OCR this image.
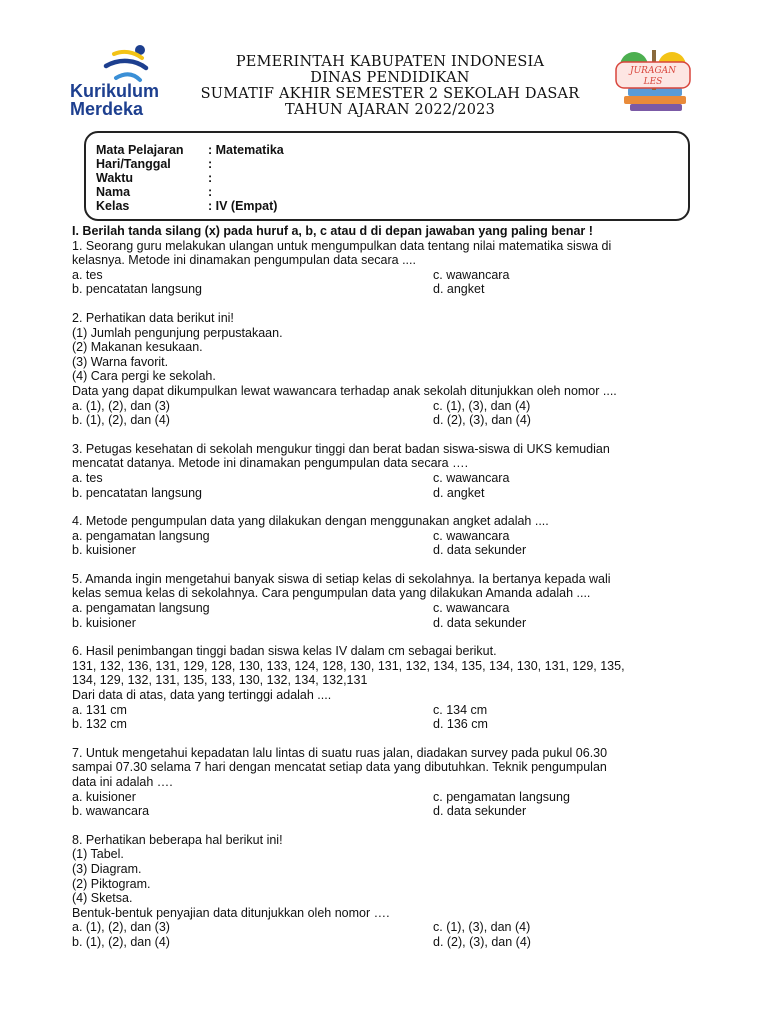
Kurikulum
Merdeka
PEMERINTAH KABUPATEN INDONESIA
DINAS PENDIDIKAN
SUMATIF AKHIR SEMESTER 2 SEKOLAH DASAR
TAHUN AJARAN 2022/2023
JURAGAN
LES
Mata Pelajaran : Matematika
Hari/Tanggal	:
Waktu	:
Nama	:
Kelas	: IV (Empat)
I. Berilah tanda silang (x) pada huruf a, b, c atau d di depan jawaban yang paling benar !
1. Seorang guru melakukan ulangan untuk mengumpulkan data tentang nilai matematika siswa di
kelasnya. Metode ini dinamakan pengumpulan data secara ....
a. tes	c. wawancara
b. pencatatan langsung	d. angket
2. Perhatikan data berikut ini!
(1) Jumlah pengunjung perpustakaan.
(2) Makanan kesukaan.
(3) Warna favorit.
(4) Cara pergi ke sekolah.
Data yang dapat dikumpulkan lewat wawancara terhadap anak sekolah ditunjukkan oleh nomor ....
a. (1), (2), dan (3)	c. (1), (3), dan (4)
b. (1), (2), dan (4)	d. (2), (3), dan (4)
3. Petugas kesehatan di sekolah mengukur tinggi dan berat badan siswa-siswa di UKS kemudian
mencatat datanya. Metode ini dinamakan pengumpulan data secara ….
a. tes	c. wawancara
b. pencatatan langsung	d. angket
4. Metode pengumpulan data yang dilakukan dengan menggunakan angket adalah ....
a. pengamatan langsung	c. wawancara
b. kuisioner	d. data sekunder
5. Amanda ingin mengetahui banyak siswa di setiap kelas di sekolahnya. Ia bertanya kepada wali
kelas semua kelas di sekolahnya. Cara pengumpulan data yang dilakukan Amanda adalah ....
a. pengamatan langsung	c. wawancara
b. kuisioner	d. data sekunder
6. Hasil penimbangan tinggi badan siswa kelas IV dalam cm sebagai berikut.
131, 132, 136, 131, 129, 128, 130, 133, 124, 128, 130, 131, 132, 134, 135, 134, 130, 131, 129, 135,
134, 129, 132, 131, 135, 133, 130, 132, 134, 132,131
Dari data di atas, data yang tertinggi adalah ....
a. 131 cm	c. 134 cm
b. 132 cm	d. 136 cm
7. Untuk mengetahui kepadatan lalu lintas di suatu ruas jalan, diadakan survey pada pukul 06.30
sampai 07.30 selama 7 hari dengan mencatat setiap data yang dibutuhkan. Teknik pengumpulan
data ini adalah ….
a. kuisioner	c. pengamatan langsung
b. wawancara	d. data sekunder
8. Perhatikan beberapa hal berikut ini!
(1) Tabel.
(3) Diagram.
(2) Piktogram.
(4) Sketsa.
Bentuk-bentuk penyajian data ditunjukkan oleh nomor ….
a. (1), (2), dan (3)	c. (1), (3), dan (4)
b. (1), (2), dan (4)	d. (2), (3), dan (4)
